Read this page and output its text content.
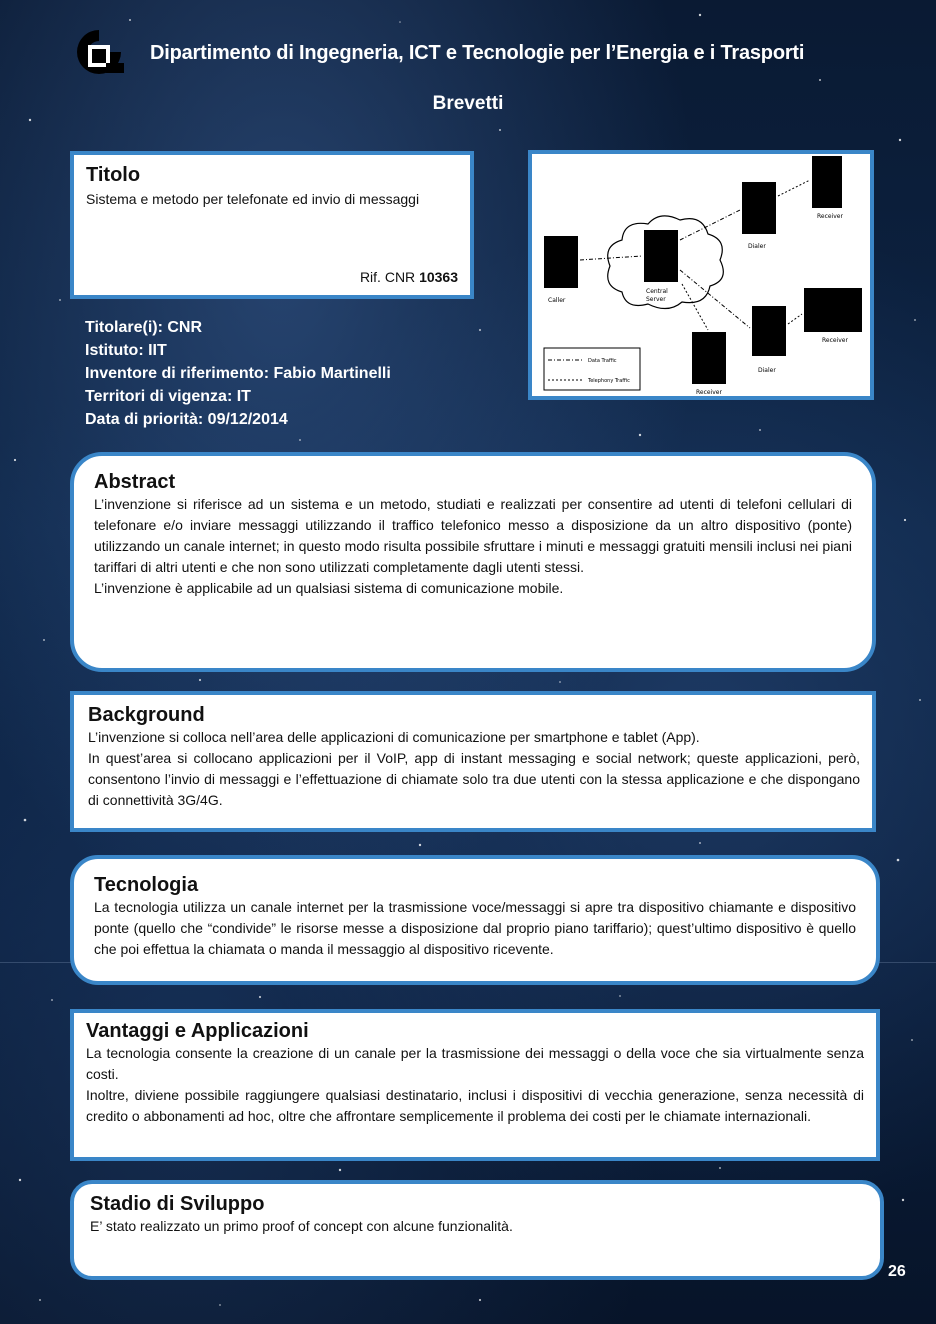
Dipartimento di Ingegneria, ICT e Tecnologie per l’Energia e i Trasporti
Brevetti
Titolo

Sistema e metodo per telefonate ed invio di messaggi

Rif. CNR 10363
Caller
Central
Server
Dialer
Receiver
Dialer
Receiver
Receiver
Data Traffic
Telephony Traffic
Titolare(i): CNR
Istituto: IIT
Inventore di riferimento: Fabio Martinelli
Territori di vigenza: IT
Data di priorità: 09/12/2014
Abstract

L’invenzione si riferisce ad un sistema e un metodo, studiati e realizzati per consentire ad utenti di telefoni cellulari di telefonare e/o inviare messaggi utilizzando il traffico telefonico messo a disposizione da un altro dispositivo (ponte) utilizzando un canale internet; in questo modo risulta possibile sfruttare i minuti e messaggi gratuiti mensili inclusi nei piani tariffari di altri utenti e che non sono utilizzati completamente dagli utenti stessi.

L’invenzione è applicabile ad un qualsiasi sistema di comunicazione mobile.

Background

L’invenzione si colloca nell’area delle applicazioni di comunicazione per smartphone e tablet (App).

In quest’area si collocano applicazioni per il VoIP, app di instant messaging e social network; queste applicazioni, però, consentono l’invio di messaggi e l’effettuazione di chiamate solo tra due utenti con la stessa applicazione e che dispongano di connettività 3G/4G.

Tecnologia

La tecnologia utilizza un canale internet per la trasmissione voce/messaggi si apre tra dispositivo chiamante e dispositivo ponte (quello che “condivide” le risorse messe a disposizione dal proprio piano tariffario); quest’ultimo dispositivo è quello che poi effettua la chiamata o manda il messaggio al dispositivo ricevente.

Vantaggi e Applicazioni

La tecnologia consente la creazione di un canale per la trasmissione dei messaggi o della voce che sia virtualmente senza costi.

Inoltre, diviene possibile raggiungere qualsiasi destinatario, inclusi i dispositivi di vecchia generazione, senza necessità di credito o abbonamenti ad hoc, oltre che affrontare semplicemente il problema dei costi per le chiamate internazionali.

Stadio di Sviluppo

E’ stato realizzato un primo proof of concept con alcune funzionalità.

26
